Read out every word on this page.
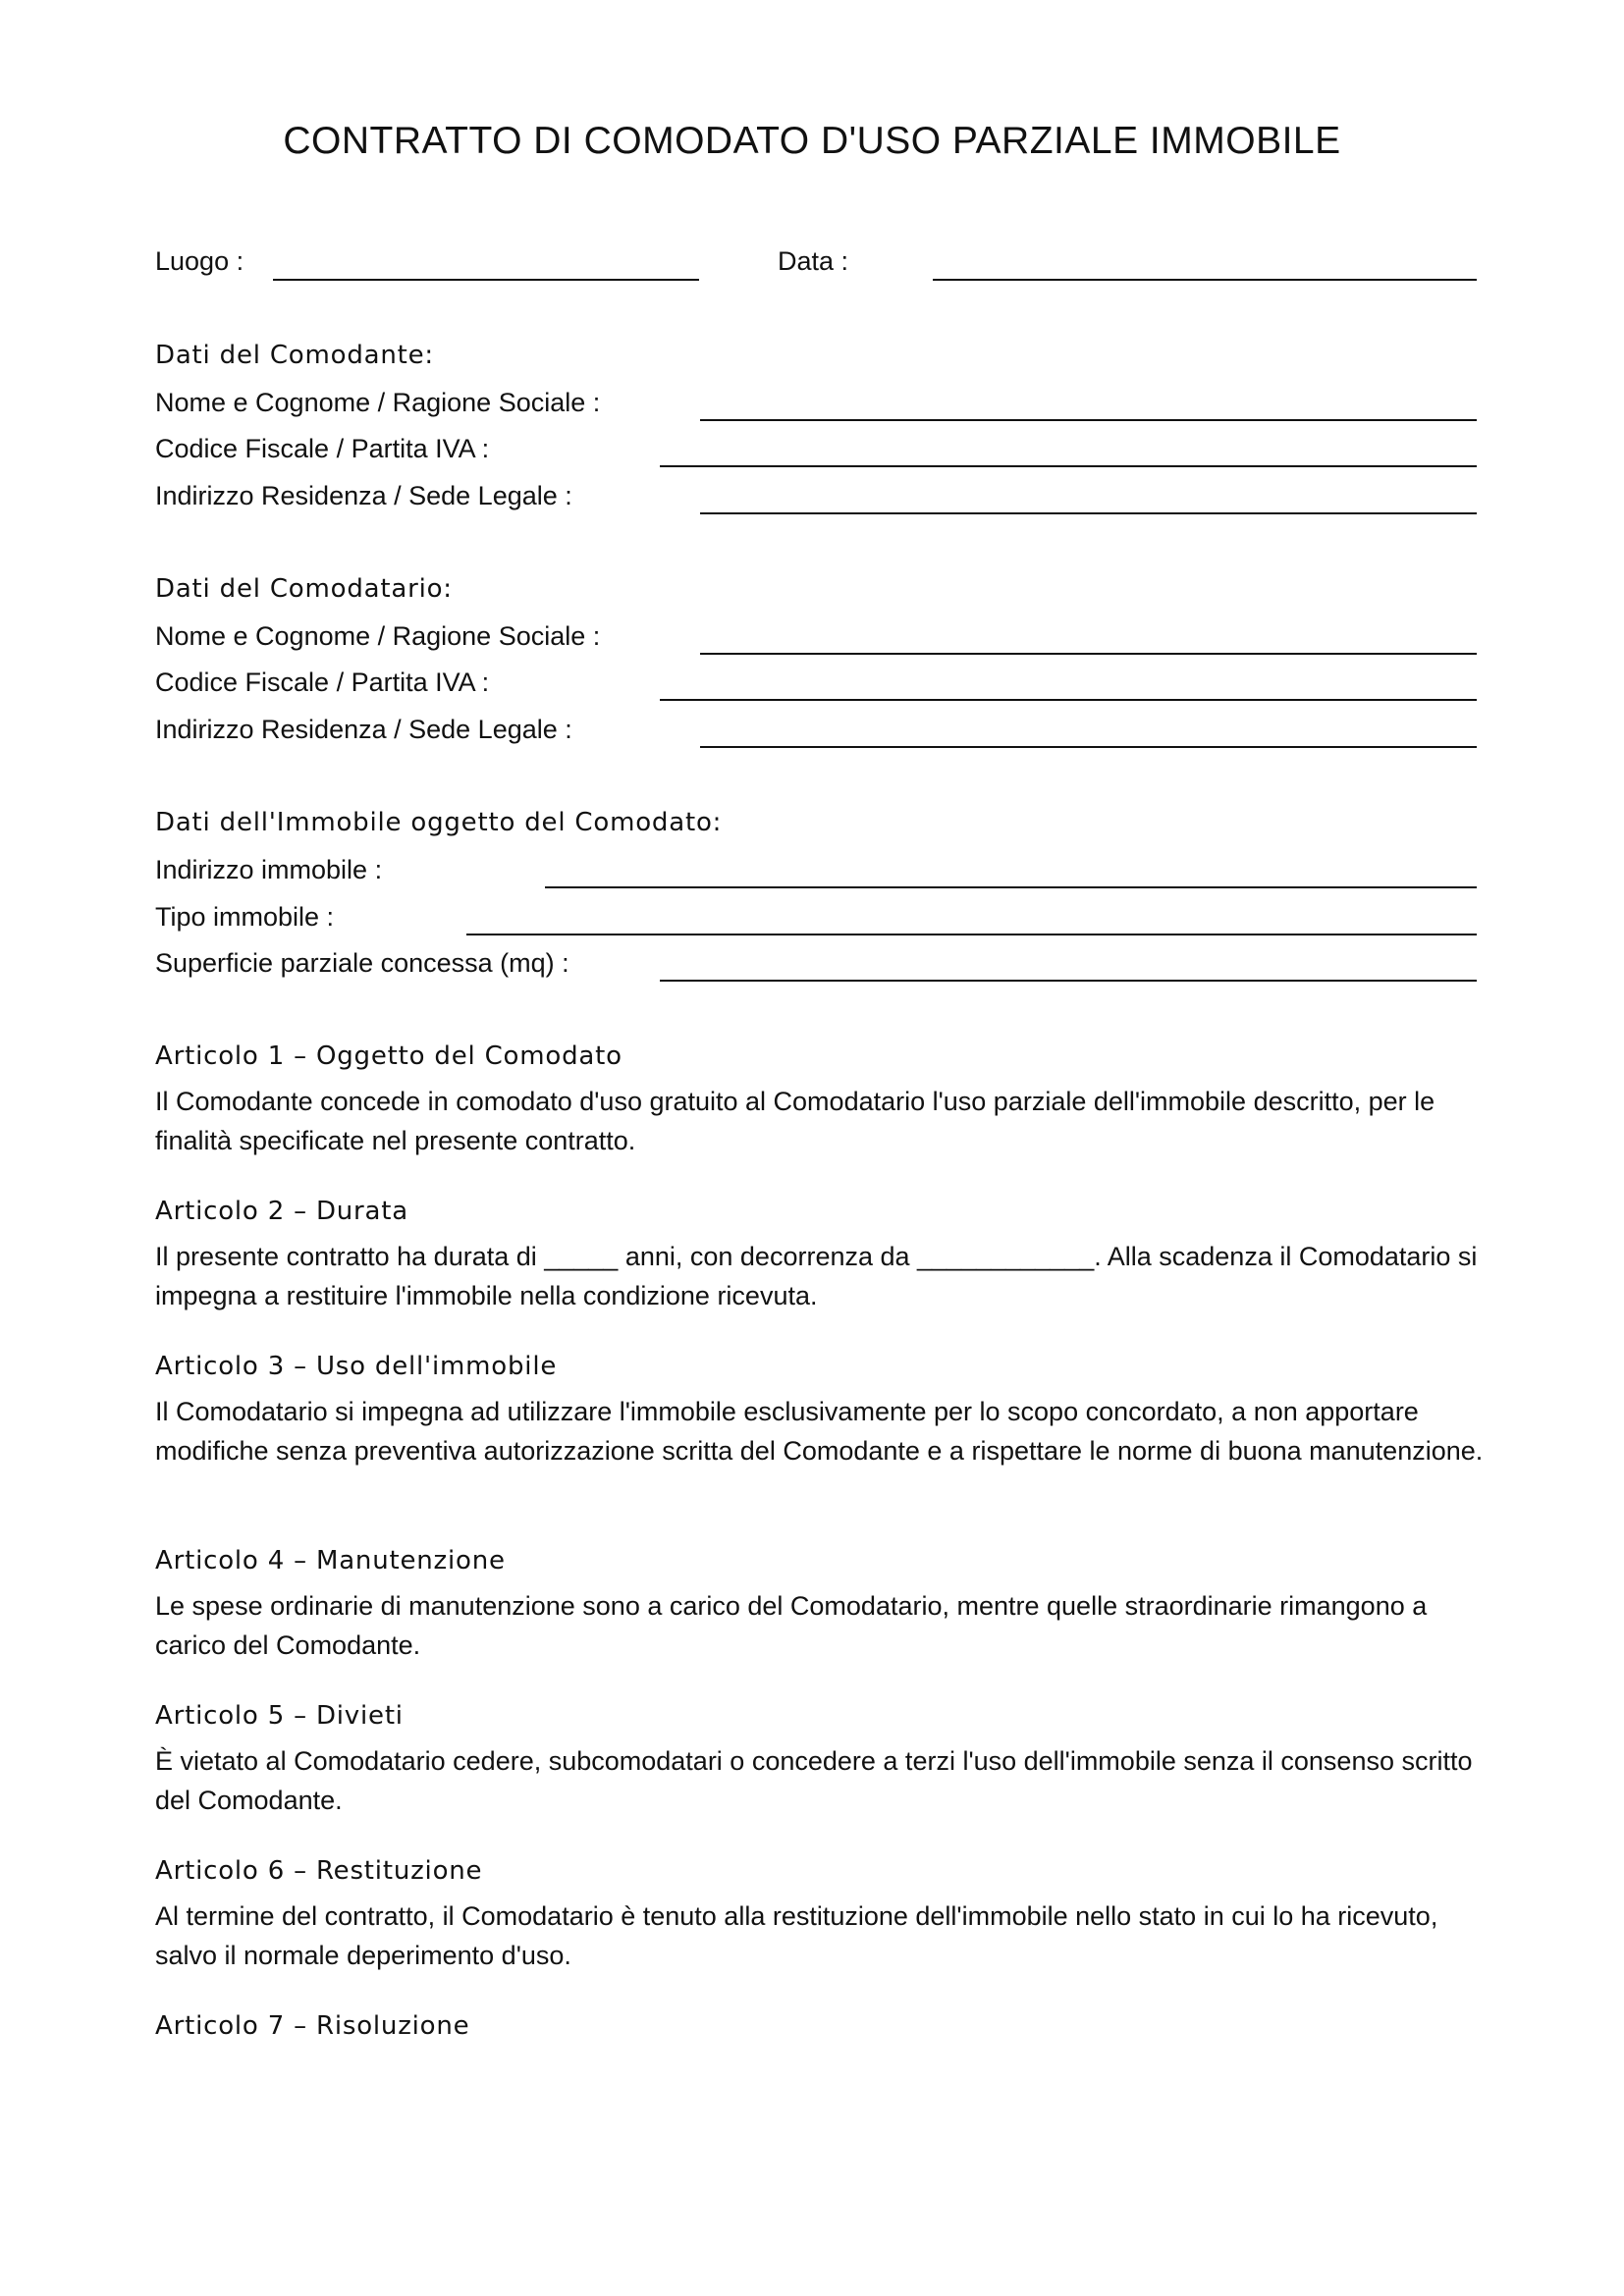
CONTRATTO DI COMODATO D'USO PARZIALE IMMOBILE
Luogo :	Data :
Dati del Comodante:
Nome e Cognome / Ragione Sociale :
Codice Fiscale / Partita IVA :
Indirizzo Residenza / Sede Legale :
Dati del Comodatario:
Nome e Cognome / Ragione Sociale :
Codice Fiscale / Partita IVA :
Indirizzo Residenza / Sede Legale :
Dati dell'Immobile oggetto del Comodato:
Indirizzo immobile :
Tipo immobile :
Superficie parziale concessa (mq) :
Articolo 1 – Oggetto del Comodato
Il Comodante concede in comodato d'uso gratuito al Comodatario l'uso parziale dell'immobile descritto, per le finalità specificate nel presente contratto.
Articolo 2 – Durata
Il presente contratto ha durata di _____ anni, con decorrenza da ____________. Alla scadenza il Comodatario si impegna a restituire l'immobile nella condizione ricevuta.
Articolo 3 – Uso dell'immobile
Il Comodatario si impegna ad utilizzare l'immobile esclusivamente per lo scopo concordato, a non apportare modifiche senza preventiva autorizzazione scritta del Comodante e a rispettare le norme di buona manutenzione.
Articolo 4 – Manutenzione
Le spese ordinarie di manutenzione sono a carico del Comodatario, mentre quelle straordinarie rimangono a carico del Comodante.
Articolo 5 – Divieti
È vietato al Comodatario cedere, subcomodatari o concedere a terzi l'uso dell'immobile senza il consenso scritto del Comodante.
Articolo 6 – Restituzione
Al termine del contratto, il Comodatario è tenuto alla restituzione dell'immobile nello stato in cui lo ha ricevuto, salvo il normale deperimento d'uso.
Articolo 7 – Risoluzione
